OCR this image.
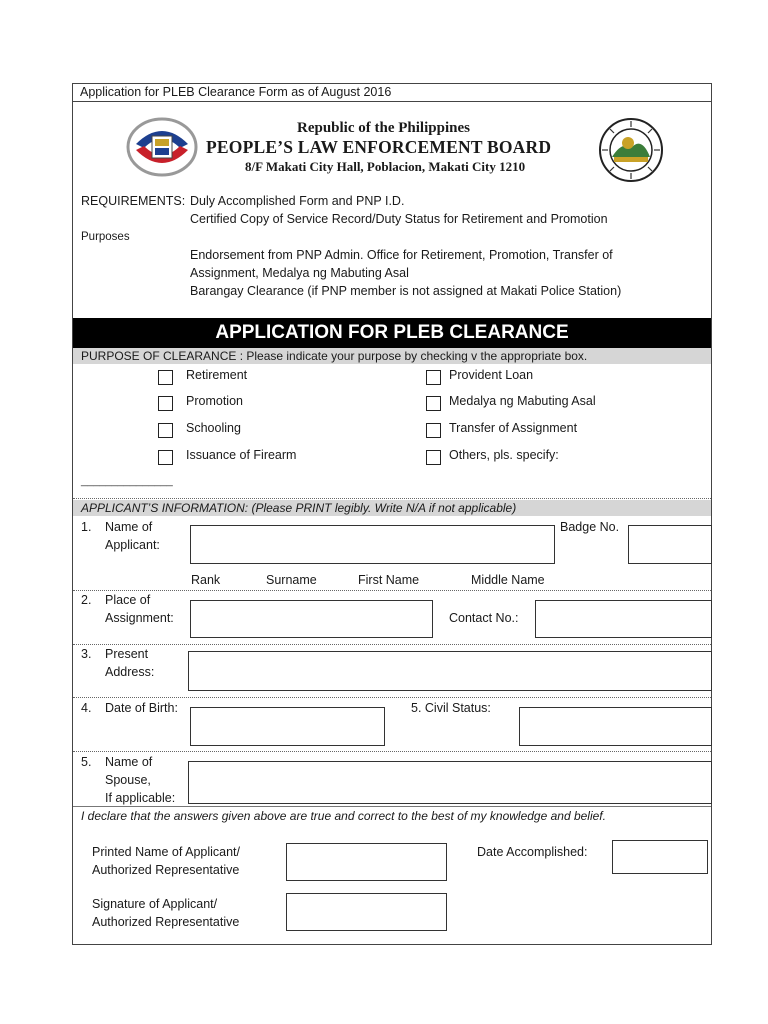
Application for PLEB Clearance Form as of August 2016
Republic of the Philippines
PEOPLE’S LAW ENFORCEMENT BOARD
8/F Makati City Hall, Poblacion, Makati City 1210
REQUIREMENTS: Duly Accomplished Form and PNP I.D.
Certified Copy of Service Record/Duty Status for Retirement and Promotion
Purposes
Endorsement from PNP Admin. Office for Retirement, Promotion, Transfer of
Assignment, Medalya ng Mabuting Asal
Barangay Clearance (if PNP member is not assigned at Makati Police Station)
APPLICATION FOR PLEB CLEARANCE
PURPOSE OF CLEARANCE : Please indicate your purpose by checking v the appropriate box.
Retirement
Promotion
Schooling
Issuance of Firearm
Provident Loan
Medalya ng Mabuting Asal
Transfer of Assignment
Others, pls. specify:
_______________
APPLICANT’S INFORMATION: (Please PRINT legibly. Write N/A if not applicable)
1. Name of
Applicant:
Badge No.
Rank	Surname	First Name	Middle Name
2. Place of
Assignment:	Contact No.:
3. Present
Address:
4. Date of Birth:	5. Civil Status:
5. Name of
Spouse,
If applicable:
I declare that the answers given above are true and correct to the best of my knowledge and belief.
Printed Name of Applicant/
Authorized Representative
Date Accomplished:
Signature of Applicant/
Authorized Representative
